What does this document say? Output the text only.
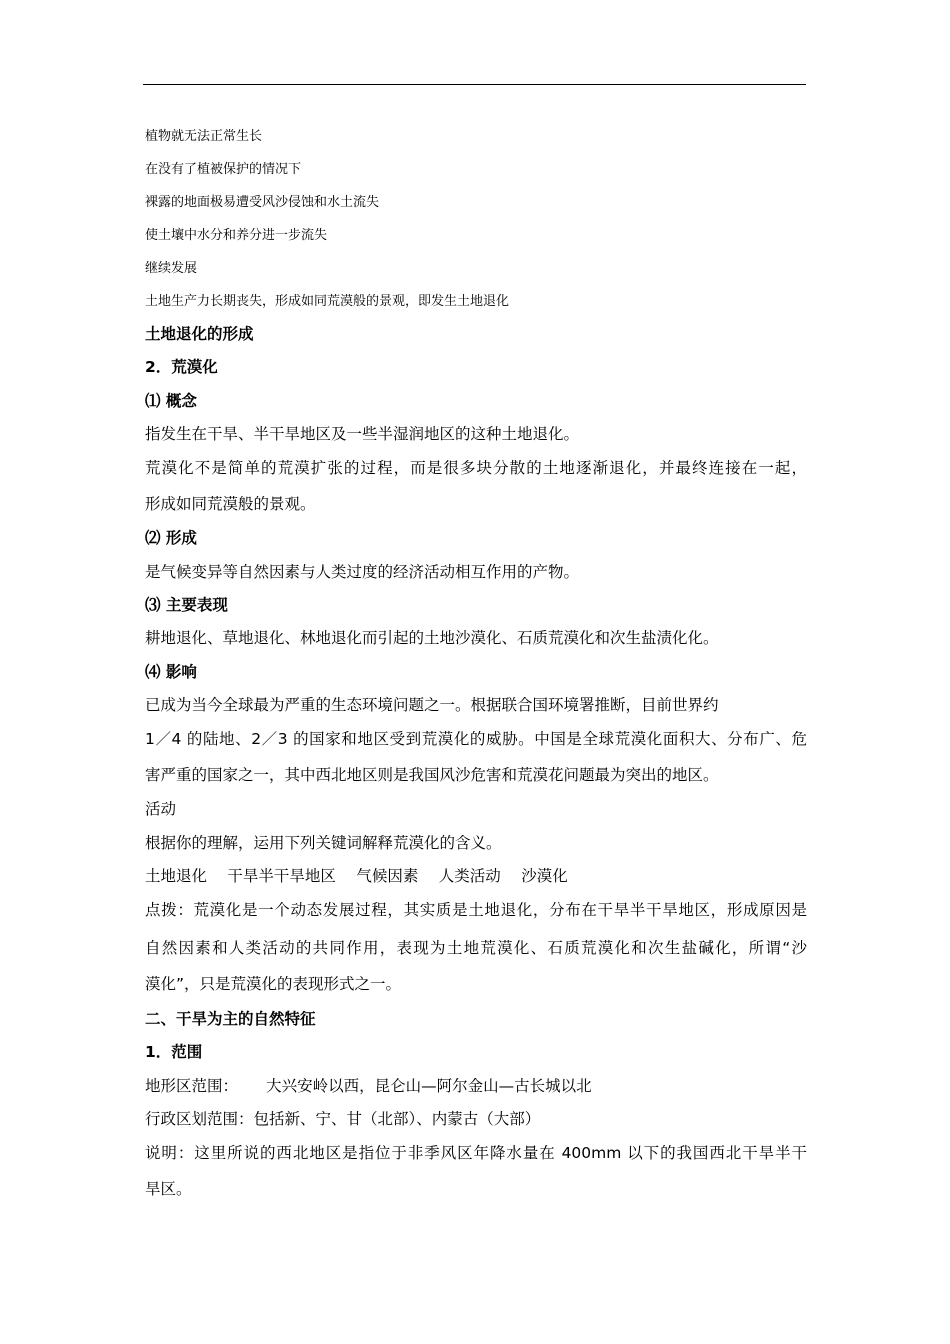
植物就无法正常生长
在没有了植被保护的情况下
裸露的地面极易遭受风沙侵蚀和水土流失
使土壤中水分和养分进一步流失
继续发展
土地生产力长期丧失，形成如同荒漠般的景观，即发生土地退化
土地退化的形成
2．荒漠化
⑴ 概念
指发生在干旱、半干旱地区及一些半湿润地区的这种土地退化。
荒漠化不是简单的荒漠扩张的过程，而是很多块分散的土地逐渐退化，并最终连接在一起，
形成如同荒漠般的景观。
⑵ 形成
是气候变异等自然因素与人类过度的经济活动相互作用的产物。
⑶ 主要表现
耕地退化、草地退化、林地退化而引起的土地沙漠化、石质荒漠化和次生盐渍化化。
⑷ 影响
已成为当今全球最为严重的生态环境问题之一。根据联合国环境署推断，目前世界约
1／4 的陆地、2／3 的国家和地区受到荒漠化的威胁。中国是全球荒漠化面积大、分布广、危
害严重的国家之一，其中西北地区则是我国风沙危害和荒漠花问题最为突出的地区。
活动
根据你的理解，运用下列关键词解释荒漠化的含义。
土地退化　 干旱半干旱地区　 气候因素　 人类活动　 沙漠化
点拨：荒漠化是一个动态发展过程，其实质是土地退化，分布在干旱半干旱地区，形成原因是
自然因素和人类活动的共同作用，表现为土地荒漠化、石质荒漠化和次生盐碱化，所谓“沙
漠化”，只是荒漠化的表现形式之一。
二、干旱为主的自然特征
1．范围
地形区范围：　　 大兴安岭以西，昆仑山—阿尔金山—古长城以北
行政区划范围：包括新、宁、甘（北部）、内蒙古（大部）
说明：这里所说的西北地区是指位于非季风区年降水量在 400mm 以下的我国西北干旱半干
旱区。
